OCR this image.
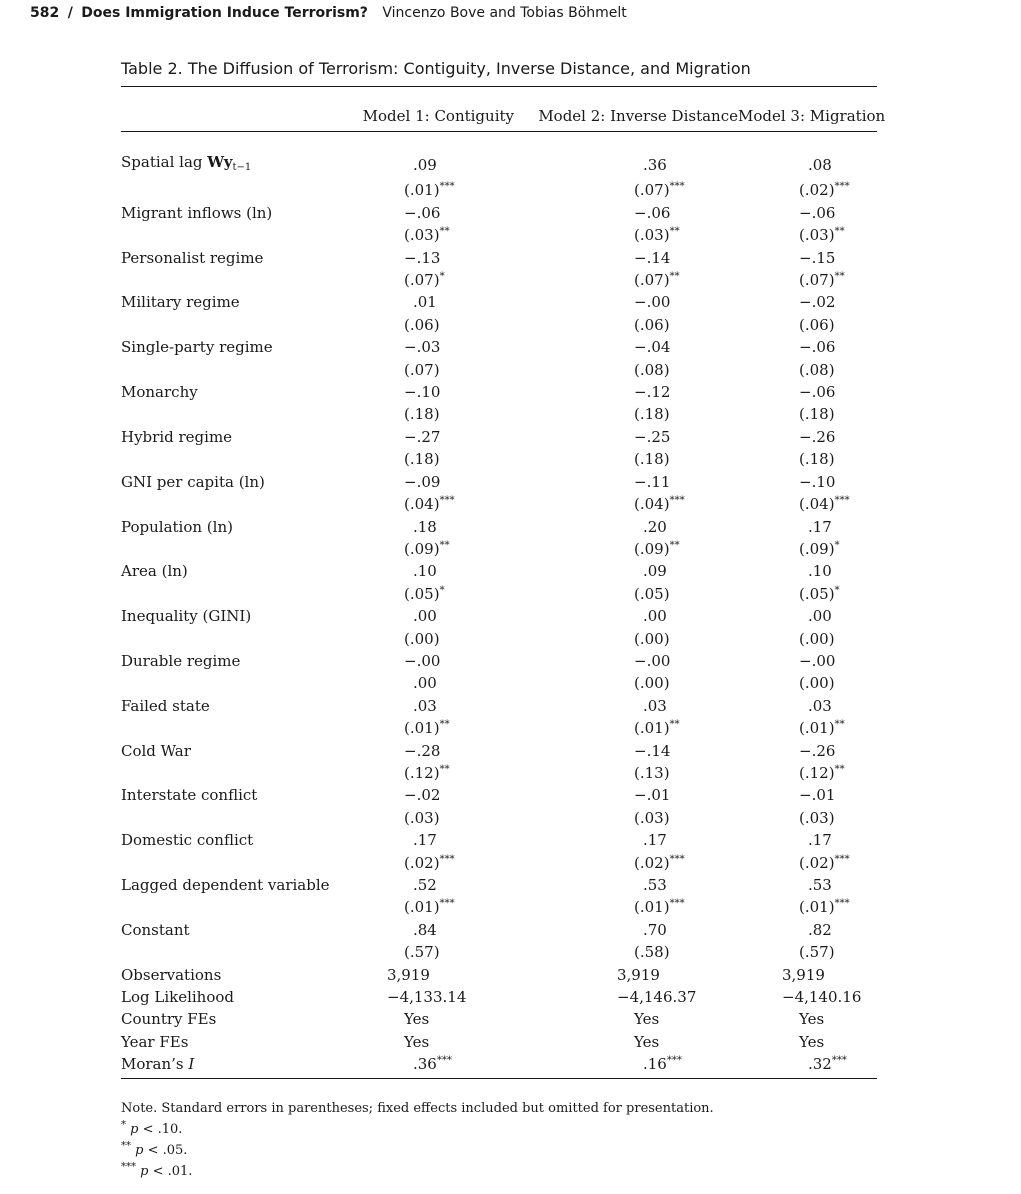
582 / Does Immigration Induce Terrorism? Vincenzo Bove and Tobias Böhmelt
Table 2. The Diffusion of Terrorism: Contiguity, Inverse Distance, and Migration
	Model 1: Contiguity	Model 2: Inverse Distance	Model 3: Migration

Spatial lag $Wy_{t-1}$	.09	.36	.08
	(.01)***	(.07)***	(.02)***
Migrant inflows (ln)	−.06	−.06	−.06
	(.03)**	(.03)**	(.03)**
Personalist regime	−.13	−.14	−.15
	(.07)*	(.07)**	(.07)**
Military regime	.01	−.00	−.02
	(.06)	(.06)	(.06)
Single-party regime	−.03	−.04	−.06
	(.07)	(.08)	(.08)
Monarchy	−.10	−.12	−.06
	(.18)	(.18)	(.18)
Hybrid regime	−.27	−.25	−.26
	(.18)	(.18)	(.18)
GNI per capita (ln)	−.09	−.11	−.10
	(.04)***	(.04)***	(.04)***
Population (ln)	.18	.20	.17
	(.09)**	(.09)**	(.09)*
Area (ln)	.10	.09	.10
	(.05)*	(.05)	(.05)*
Inequality (GINI)	.00	.00	.00
	(.00)	(.00)	(.00)
Durable regime	−.00	−.00	−.00
	.00	(.00)	(.00)
Failed state	.03	.03	.03
	(.01)**	(.01)**	(.01)**
Cold War	−.28	−.14	−.26
	(.12)**	(.13)	(.12)**
Interstate conflict	−.02	−.01	−.01
	(.03)	(.03)	(.03)
Domestic conflict	.17	.17	.17
	(.02)***	(.02)***	(.02)***
Lagged dependent variable	.52	.53	.53
	(.01)***	(.01)***	(.01)***
Constant	.84	.70	.82
	(.57)	(.58)	(.57)
Observations	3,919	3,919	3,919
Log Likelihood	−4,133.14	−4,146.37	−4,140.16
Country FEs	Yes	Yes	Yes
Year FEs	Yes	Yes	Yes
Moran’s I	.36***	.16***	.32***
Note. Standard errors in parentheses; fixed effects included but omitted for presentation.
* p < .10.
** p < .05.
*** p < .01.
